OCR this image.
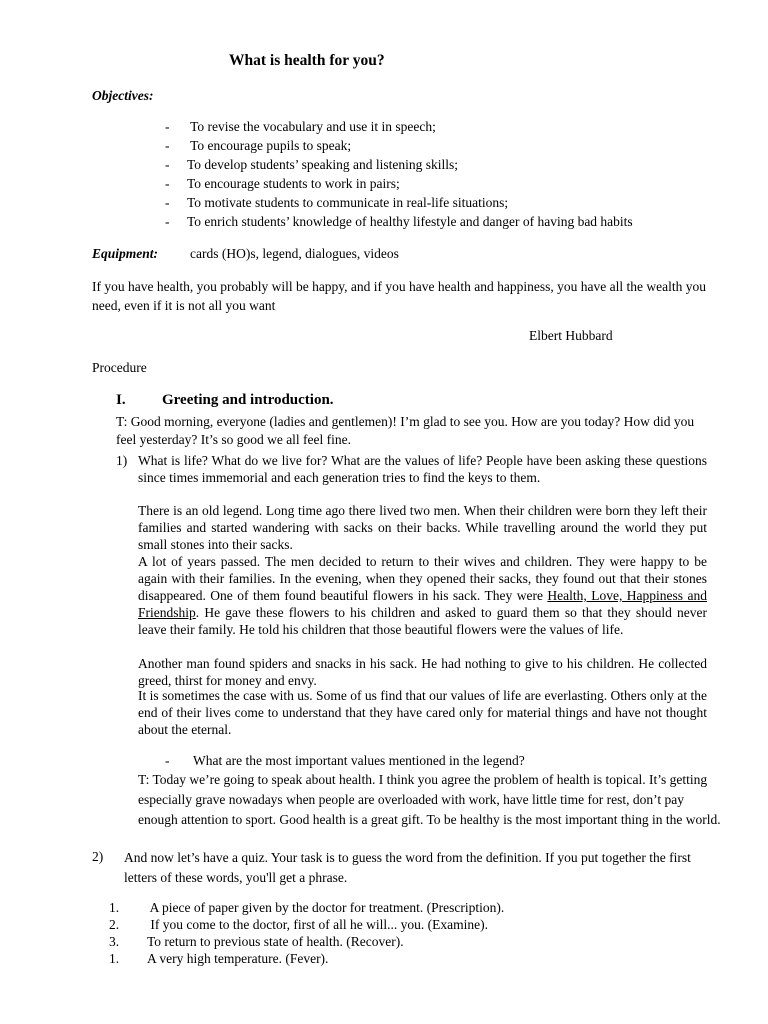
What is health for you?
Objectives:
- To revise the vocabulary and use it in speech;
- To encourage pupils to speak;
- To develop students’ speaking and listening skills;
- To encourage students to work in pairs;
- To motivate students to communicate in real-life situations;
- To enrich students’ knowledge of healthy lifestyle and danger of having bad habits
Equipment: cards (HO)s, legend, dialogues, videos
If you have health, you probably will be happy, and if you have health and happiness, you have all the wealth you need, even if it is not all you want
Elbert Hubbard
Procedure
I. Greeting and introduction.
T: Good morning, everyone (ladies and gentlemen)! I’m glad to see you. How are you today? How did you feel yesterday? It’s so good we all feel fine.
1) What is life? What do we live for? What are the values of life? People have been asking these questions since times immemorial and each generation tries to find the keys to them.
There is an old legend. Long time ago there lived two men. When their children were born they left their families and started wandering with sacks on their backs. While travelling around the world they put small stones into their sacks.
A lot of years passed. The men decided to return to their wives and children. They were happy to be again with their families. In the evening, when they opened their sacks, they found out that their stones disappeared. One of them found beautiful flowers in his sack. They were Health, Love, Happiness and Friendship. He gave these flowers to his children and asked to guard them so that they should never leave their family. He told his children that those beautiful flowers were the values of life.
Another man found spiders and snacks in his sack. He had nothing to give to his children. He collected greed, thirst for money and envy.
It is sometimes the case with us. Some of us find that our values of life are everlasting. Others only at the end of their lives come to understand that they have cared only for material things and have not thought about the eternal.
- What are the most important values mentioned in the legend?
T: Today we’re going to speak about health. I think you agree the problem of health is topical. It’s getting especially grave nowadays when people are overloaded with work, have little time for rest, don’t pay enough attention to sport. Good health is a great gift. To be healthy is the most important thing in the world.
2) And now let’s have a quiz. Your task is to guess the word from the definition. If you put together the first letters of these words, you'll get a phrase.
1. A piece of paper given by the doctor for treatment. (Prescription).
2. If you come to the doctor, first of all he will... you. (Examine).
3. To return to previous state of health. (Recover).
1. A very high temperature. (Fever).
